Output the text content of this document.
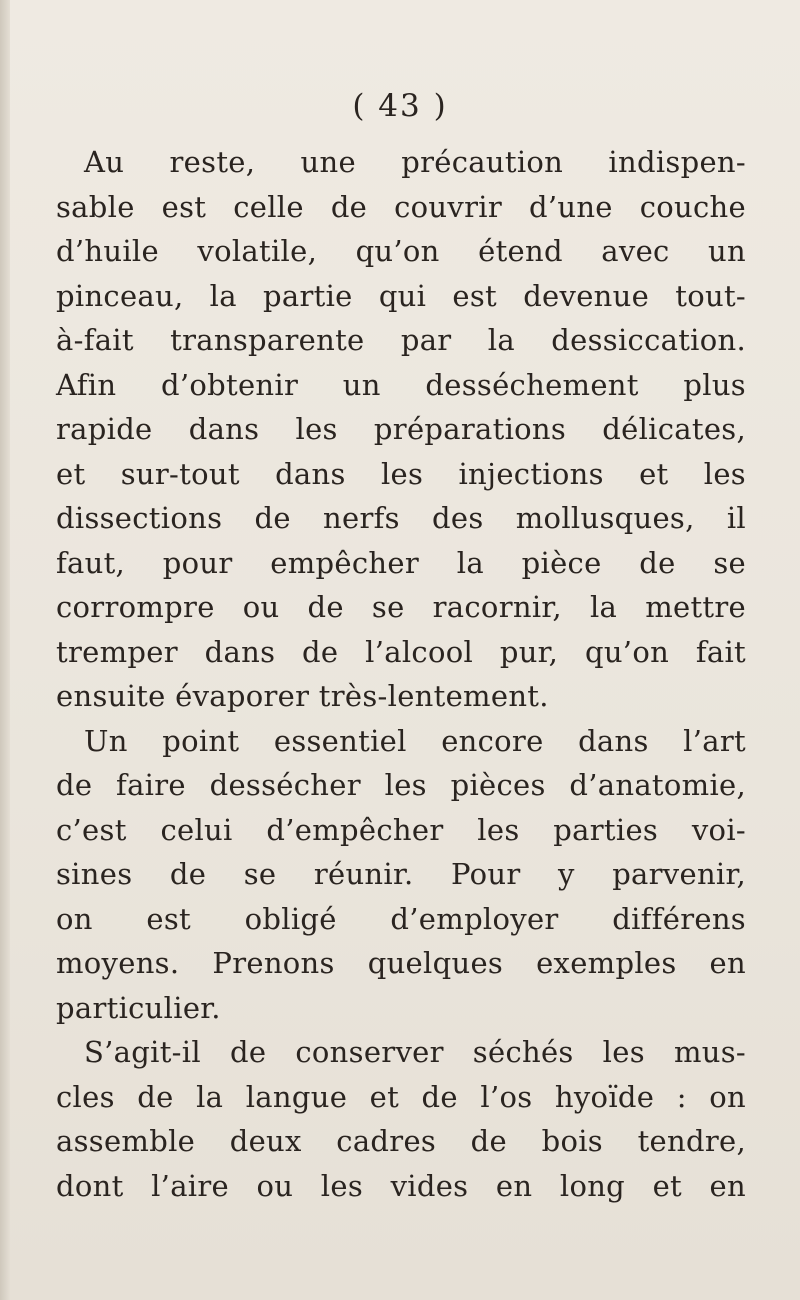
( 43 )
Au reste, une précaution indispen-
sable est celle de couvrir d’une couche
d’huile volatile, qu’on étend avec un
pinceau, la partie qui est devenue tout-
à-fait transparente par la dessiccation.
Afin d’obtenir un desséchement plus
rapide dans les préparations délicates,
et sur-tout dans les injections et les
dissections de nerfs des mollusques, il
faut, pour empêcher la pièce de se
corrompre ou de se racornir, la mettre
tremper dans de l’alcool pur, qu’on fait
ensuite évaporer très-lentement.
Un point essentiel encore dans l’art
de faire dessécher les pièces d’anatomie,
c’est celui d’empêcher les parties voi-
sines de se réunir. Pour y parvenir,
on est obligé d’employer différens
moyens. Prenons quelques exemples en
particulier.
S’agit-il de conserver séchés les mus-
cles de la langue et de l’os hyoïde : on
assemble deux cadres de bois tendre,
dont l’aire ou les vides en long et en
